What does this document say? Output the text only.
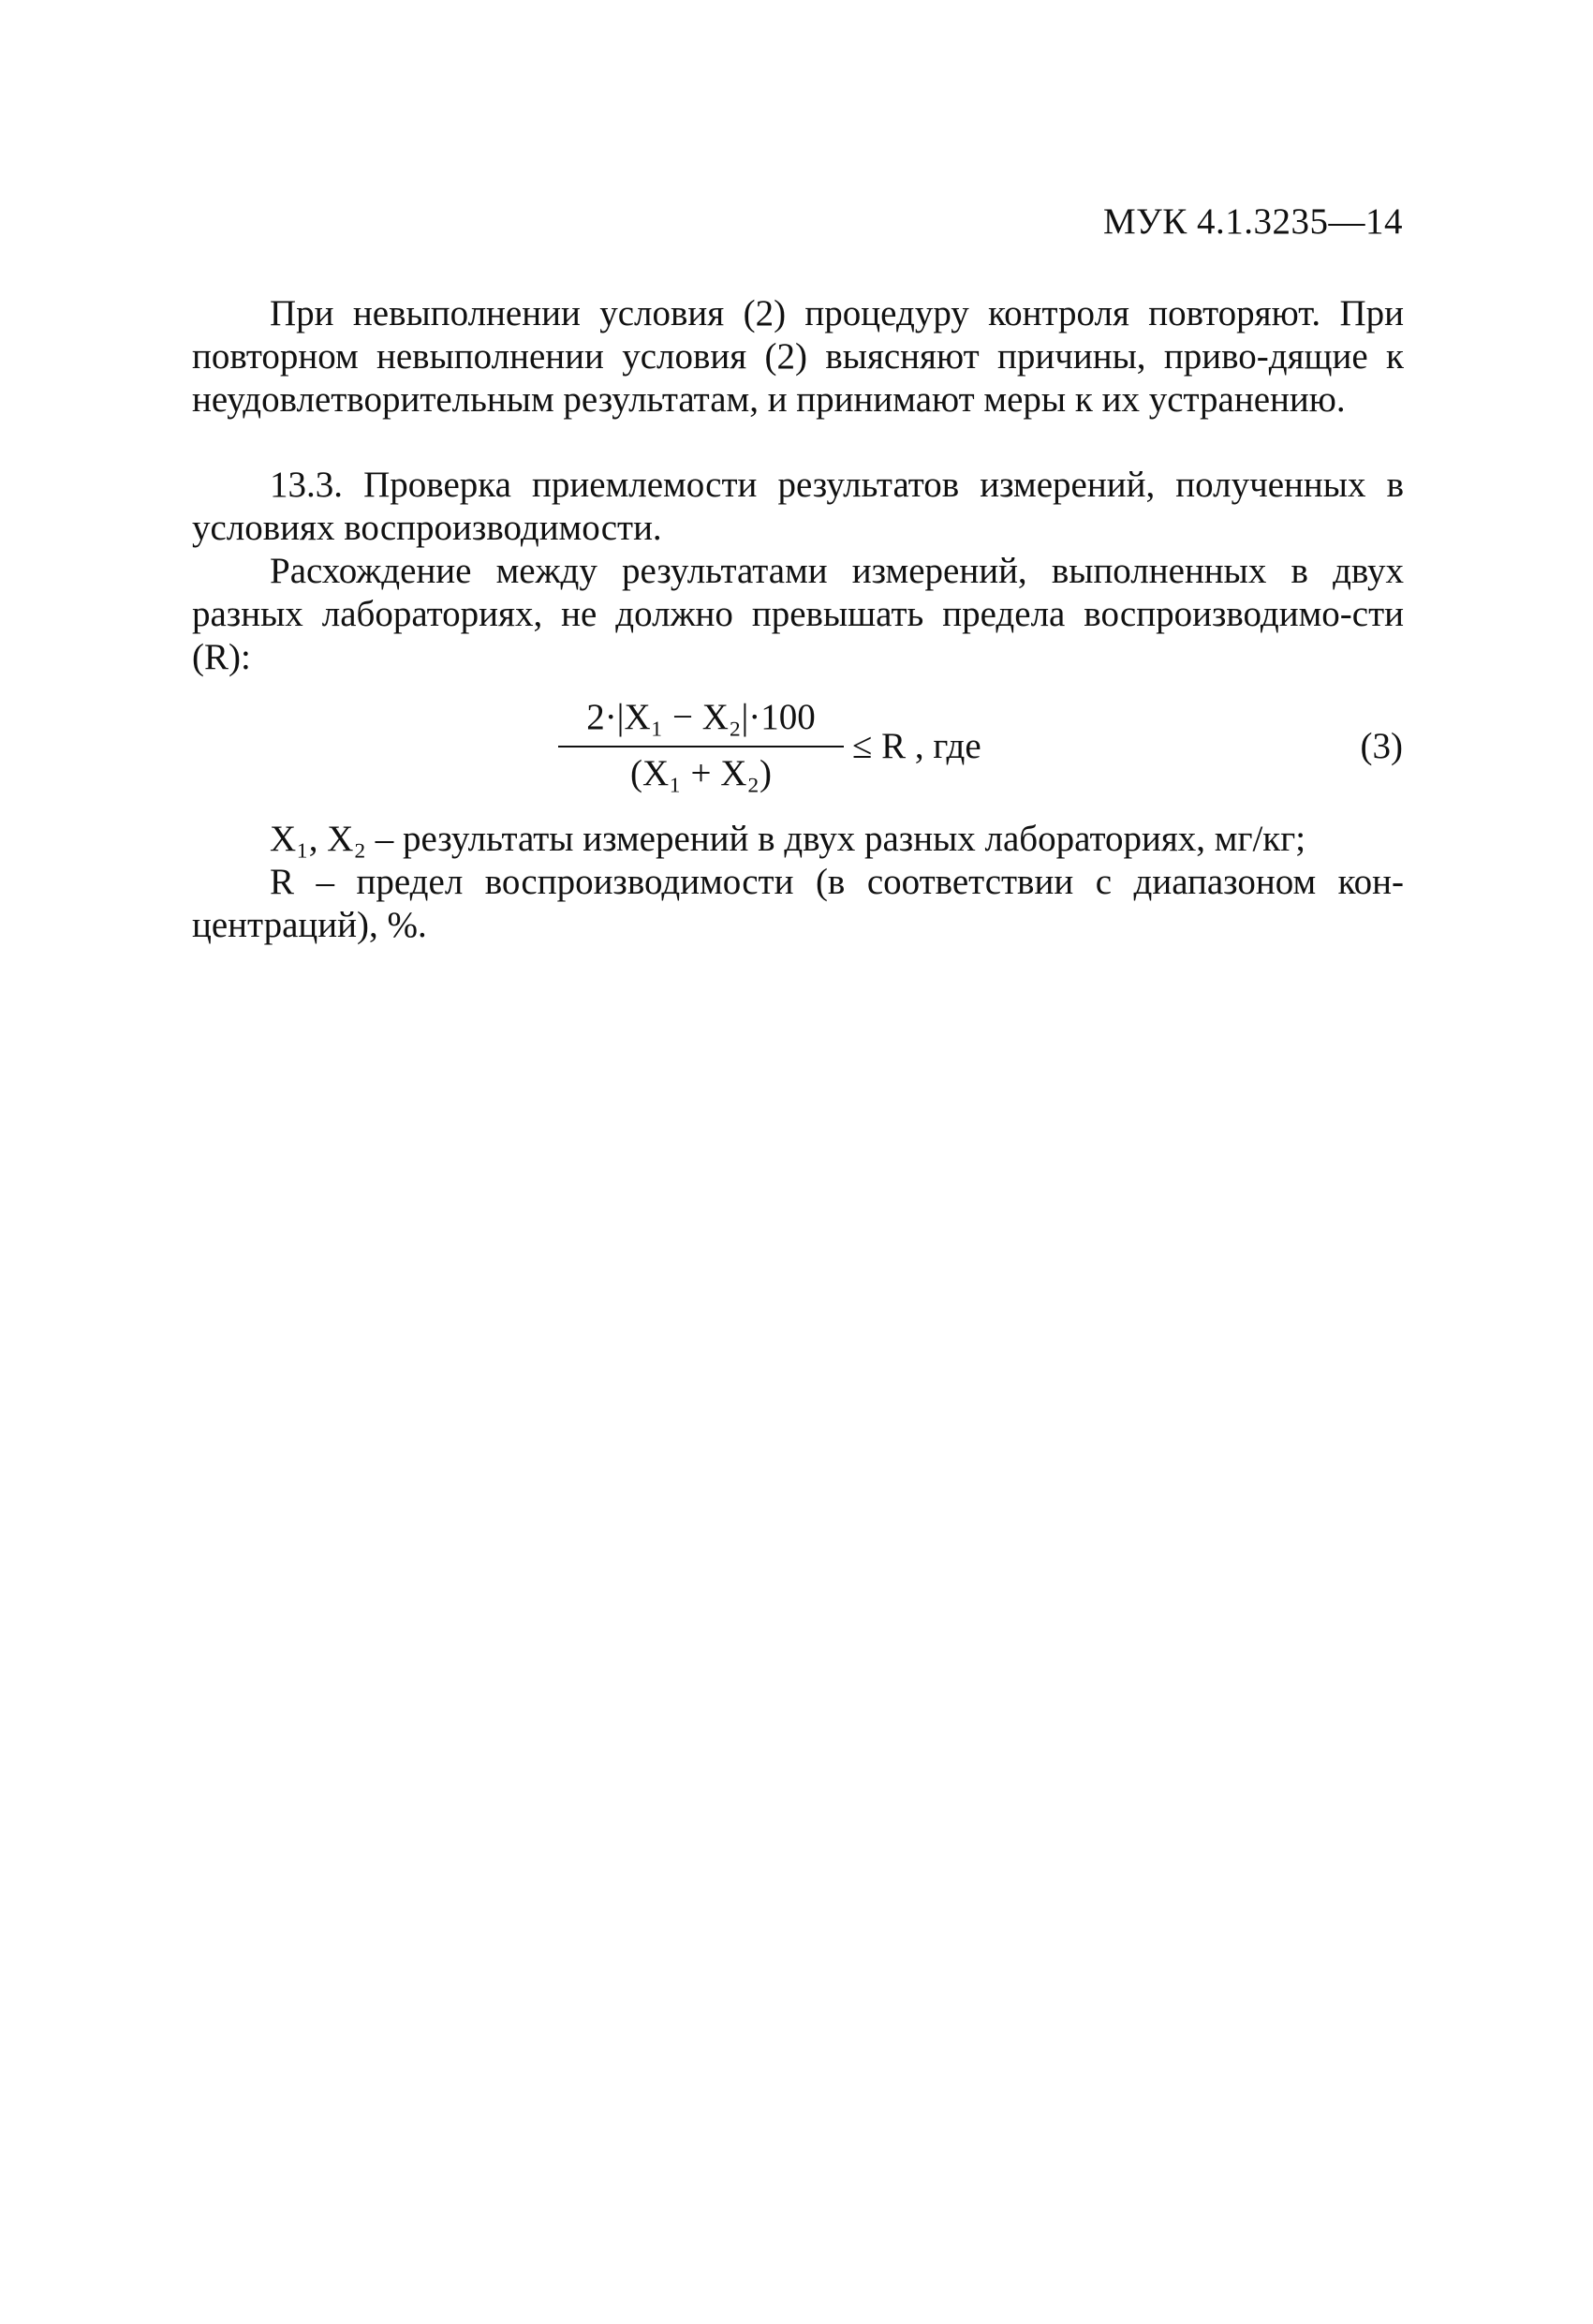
МУК 4.1.3235—14

При невыполнении условия (2) процедуру контроля повторяют. При повторном невыполнении условия (2) выясняют причины, приво-дящие к неудовлетворительным результатам, и принимают меры к их устранению.

13.3. Проверка приемлемости результатов измерений, полученных в условиях воспроизводимости.

Расхождение между результатами измерений, выполненных в двух разных лабораториях, не должно превышать предела воспроизводимо-сти (R):

2·|X₁ − X₂|·100
(X₁ + X₂)
≤ R , где	(3)

X₁, X₂ – результаты измерений в двух разных лабораториях, мг/кг;

R – предел воспроизводимости (в соответствии с диапазоном кон-центраций), %.
